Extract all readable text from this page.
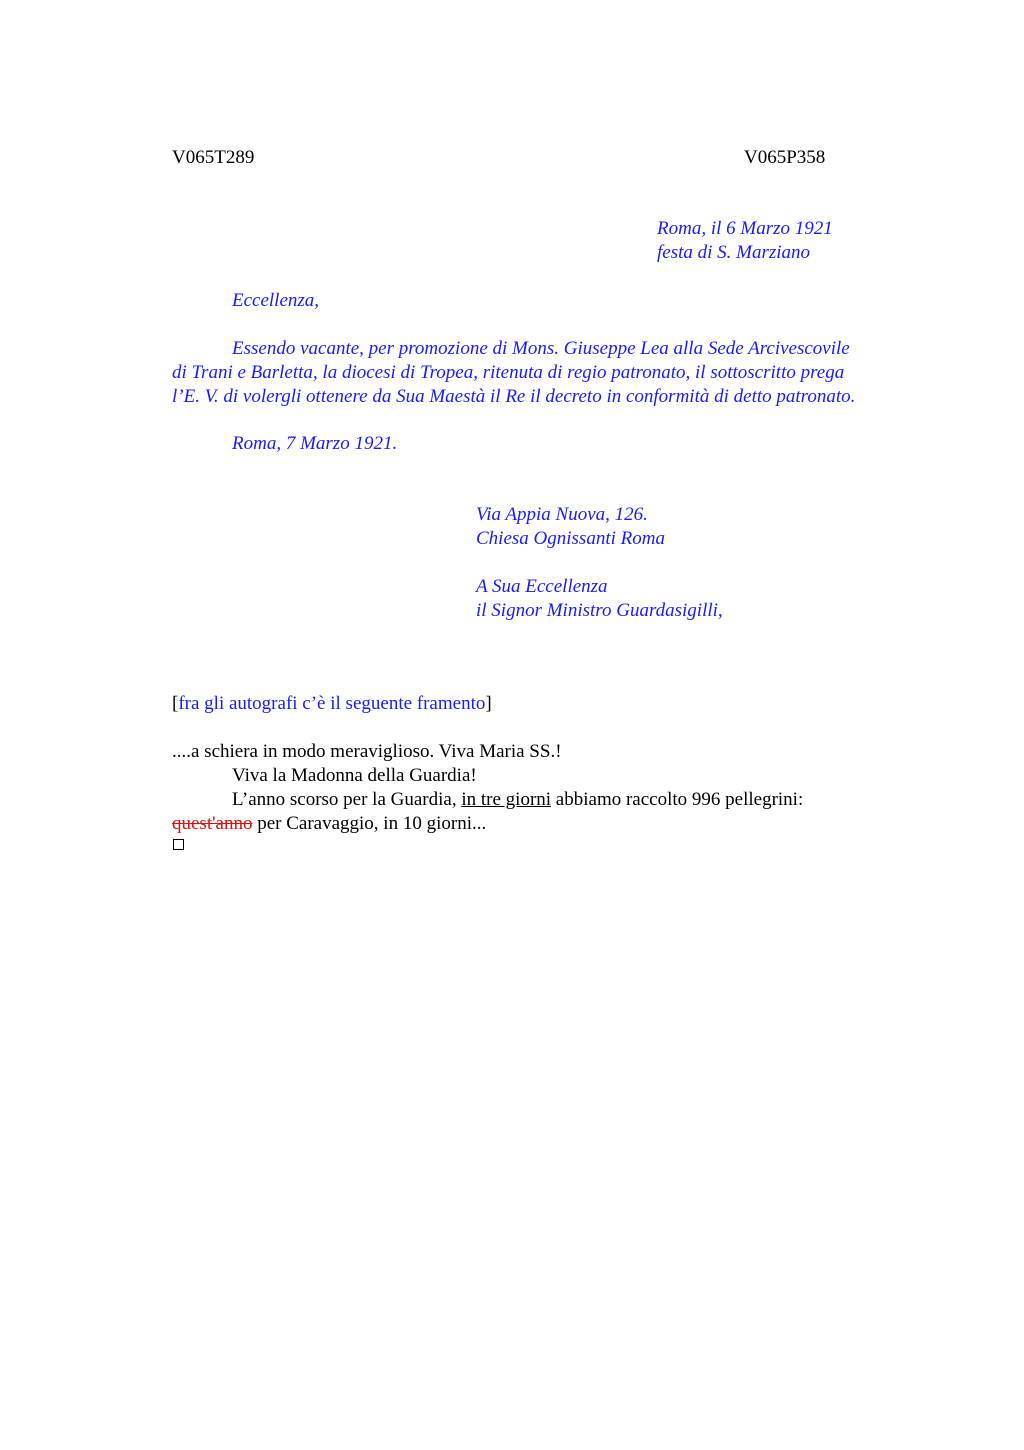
V065T289	V065P358
Roma, il 6 Marzo 1921
festa di S. Marziano
Eccellenza,
Essendo vacante, per promozione di Mons. Giuseppe Lea alla Sede Arcivescovile
di Trani e Barletta, la diocesi di Tropea, ritenuta di regio patronato, il sottoscritto prega
l’E. V. di volergli ottenere da Sua Maestà il Re il decreto in conformità di detto patronato.
Roma, 7 Marzo 1921.
Via Appia Nuova, 126.
Chiesa Ognissanti Roma
A Sua Eccellenza
il Signor Ministro Guardasigilli,
[fra gli autografi c’è il seguente framento]
....a schiera in modo meraviglioso. Viva Maria SS.!
Viva la Madonna della Guardia!
L’anno scorso per la Guardia, in tre giorni abbiamo raccolto 996 pellegrini:
quest'anno per Caravaggio, in 10 giorni...
